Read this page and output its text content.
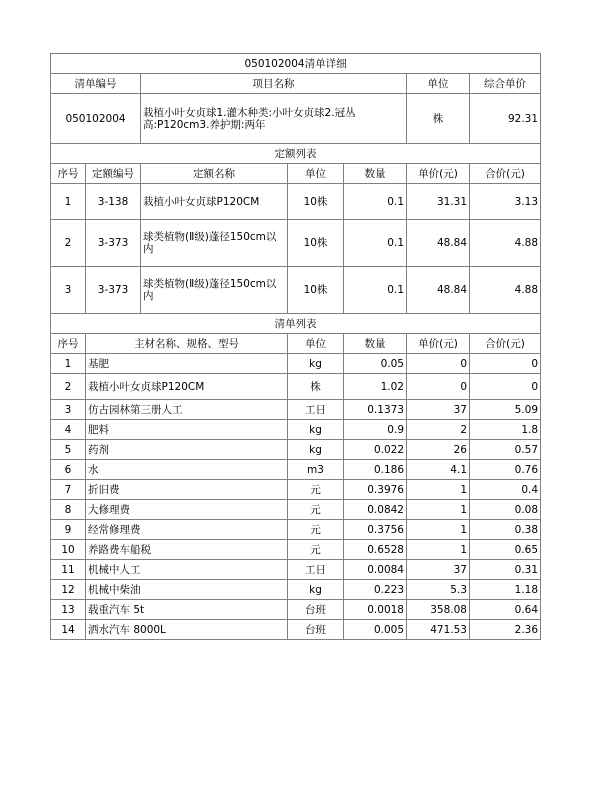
050102004清单详细						
清单编号		项目名称			单位	综合单价
050102004		栽植小叶女贞球1.灌木种类:小叶女贞球2.冠丛高:P120cm3.养护期:两年			株	92.31
定额列表						
序号	定额编号	定额名称	单位	数量	单价(元)	合价(元)
1	3-138	栽植小叶女贞球P120CM	10株	0.1	31.31	3.13
2	3-373	球类植物(Ⅱ级)蓬径150cm以内	10株	0.1	48.84	4.88
3	3-373	球类植物(Ⅱ级)蓬径150cm以内	10株	0.1	48.84	4.88
清单列表						
序号	主材名称、规格、型号		单位	数量	单价(元)	合价(元)
1	基肥		kg	0.05	0	0
2	栽植小叶女贞球P120CM		株	1.02	0	0
3	仿古园林第三册人工		工日	0.1373	37	5.09
4	肥料		kg	0.9	2	1.8
5	药剂		kg	0.022	26	0.57
6	水		m3	0.186	4.1	0.76
7	折旧费		元	0.3976	1	0.4
8	大修理费		元	0.0842	1	0.08
9	经常修理费		元	0.3756	1	0.38
10	养路费车船税		元	0.6528	1	0.65
11	机械中人工		工日	0.0084	37	0.31
12	机械中柴油		kg	0.223	5.3	1.18
13	载重汽车 5t		台班	0.0018	358.08	0.64
14	洒水汽车 8000L		台班	0.005	471.53	2.36
